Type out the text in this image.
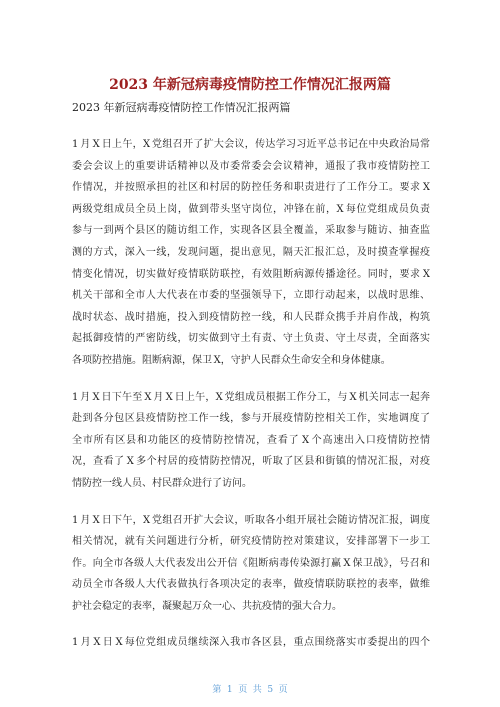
2023 年新冠病毒疫情防控工作情况汇报两篇
2023 年新冠病毒疫情防控工作情况汇报两篇
1 月 X 日上午，X 党组召开了扩大会议，传达学习习近平总书记在中央政治局常
委会会议上的重要讲话精神以及市委常委会会议精神，通报了我市疫情防控工
作情况，并按照承担的社区和村居的防控任务和职责进行了工作分工。要求 X
两级党组成员全员上岗，做到带头坚守岗位，冲锋在前，X 每位党组成员负责
参与一到两个县区的随访组工作，实现各区县全覆盖，采取参与随访、抽查监
测的方式，深入一线，发现问题，提出意见，隔天汇报汇总，及时摸查掌握疫
情变化情况，切实做好疫情联防联控，有效阻断病源传播途径。同时，要求 X
机关干部和全市人大代表在市委的坚强领导下，立即行动起来，以战时思维、
战时状态、战时措施，投入到疫情防控一线，和人民群众携手并肩作战，构筑
起抵御疫情的严密防线，切实做到守土有责、守土负责、守土尽责，全面落实
各项防控措施。阻断病源，保卫 X，守护人民群众生命安全和身体健康。
1 月 X 日下午至 X 月 X 日上午，X 党组成员根据工作分工，与 X 机关同志一起奔
赴到各分包区县疫情防控工作一线，参与开展疫情防控相关工作，实地调度了
全市所有区县和功能区的疫情防控情况，查看了 X 个高速出入口疫情防控情
况，查看了 X 多个村居的疫情防控情况，听取了区县和街镇的情况汇报，对疫
情防控一线人员、村民群众进行了访问。
1 月 X 日下午，X 党组召开扩大会议，听取各小组开展社会随访情况汇报，调度
相关情况，就有关问题进行分析，研究疫情防控对策建议，安排部署下一步工
作。向全市各级人大代表发出公开信《阻断病毒传染源打赢 X 保卫战》，号召和
动员全市各级人大代表做执行各项决定的表率，做疫情联防联控的表率，做维
护社会稳定的表率，凝聚起万众一心、共抗疫情的强大合力。
1 月 X 日 X 每位党组成员继续深入我市各区县，重点围绕落实市委提出的四个
第 1 页 共 5 页
